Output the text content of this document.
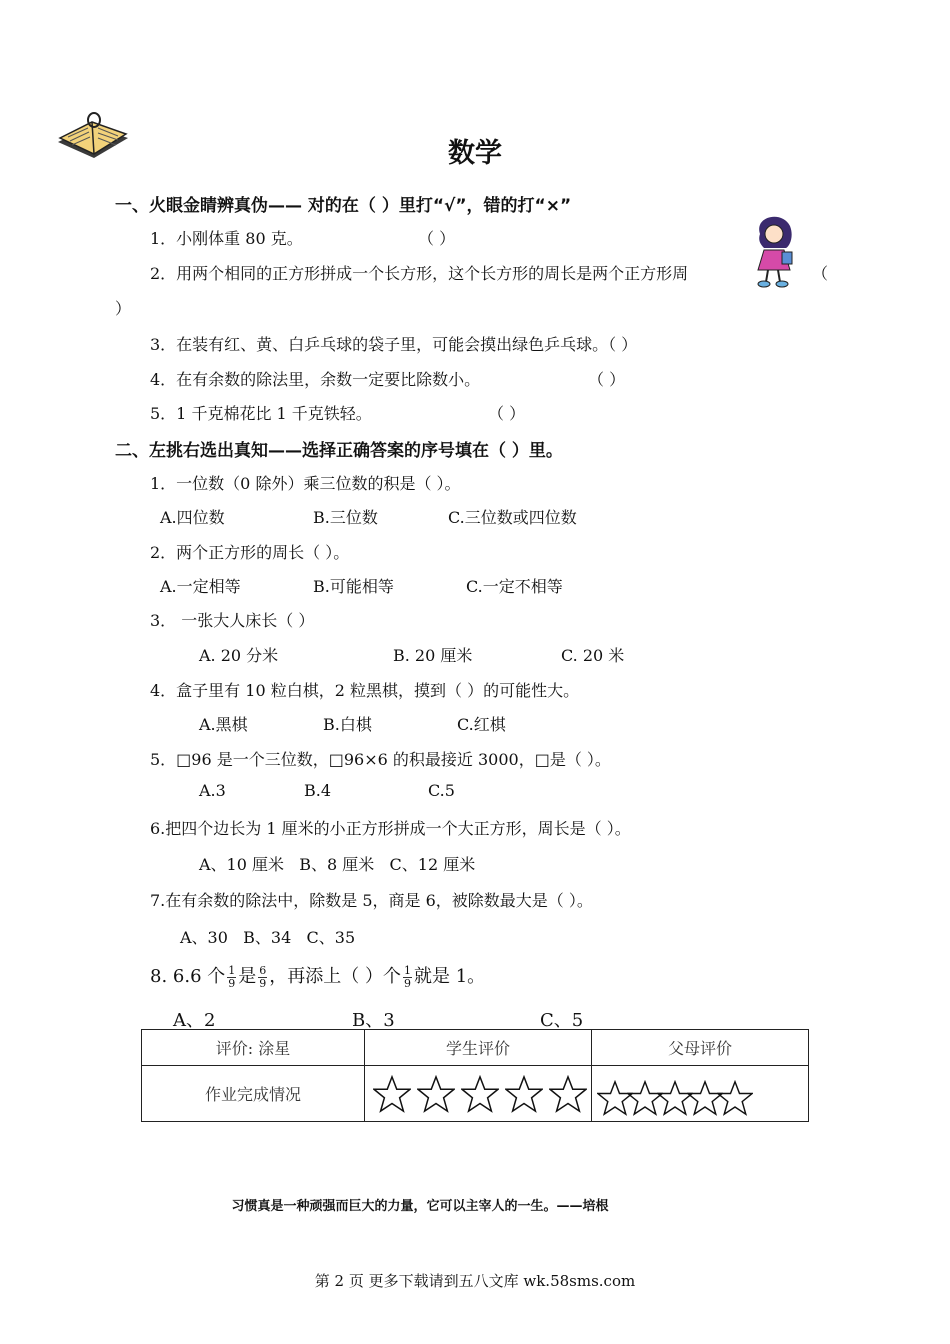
数学
一、火眼金睛辨真伪—— 对的在（ ）里打“√”，错的打“×”
1．小刚体重 80 克。	（ ）
2．用两个相同的正方形拼成一个长方形，这个长方形的周长是两个正方形周	（
）
3．在装有红、黄、白乒乓球的袋子里，可能会摸出绿色乒乓球。（ ）
4．在有余数的除法里，余数一定要比除数小。	（ ）
5．1 千克棉花比 1 千克铁轻。	（ ）
二、左挑右选出真知——选择正确答案的序号填在（ ）里。
1．一位数（0 除外）乘三位数的积是（ ）。
A.四位数	B.三位数	C.三位数或四位数
2．两个正方形的周长（ ）。
A.一定相等	B.可能相等	C.一定不相等
3． 一张大人床长（ ）
A. 20 分米	B. 20 厘米	C. 20 米
4．盒子里有 10 粒白棋，2 粒黑棋，摸到（ ）的可能性大。
A.黑棋	B.白棋	C.红棋
5．□96 是一个三位数，□96×6 的积最接近 3000，□是（ ）。
A.3	B.4	C.5
6.把四个边长为 1 厘米的小正方形拼成一个大正方形，周长是（ ）。
A、10 厘米   B、8 厘米   C、12 厘米
7.在有余数的除法中，除数是 5，商是 6，被除数最大是（ ）。
A、30   B、34   C、35
8. 6.6 个 $\frac{1}{9}$ 是 $\frac{6}{9}$ ，再添上（ ）个 $\frac{1}{9}$ 就是 1。
A、2	B、3	C、5
评价: 涂星	学生评价	父母评价
作业完成情况	

习惯真是一种顽强而巨大的力量，它可以主宰人的一生。——培根
第 2 页 更多下载请到五八文库 wk.58sms.com
